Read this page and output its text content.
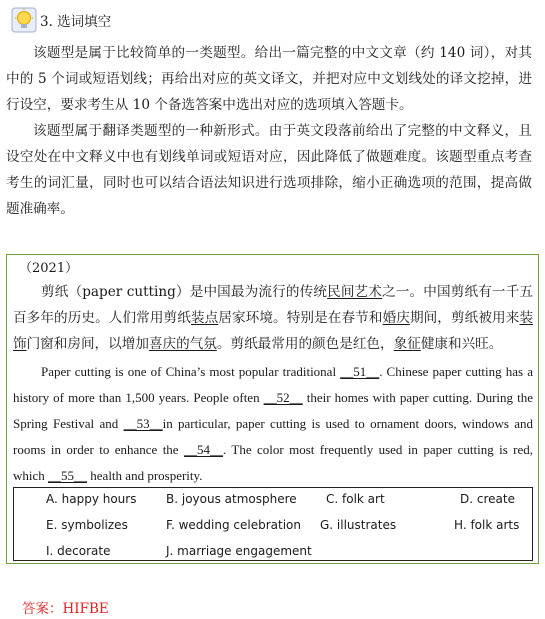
3. 选词填空
该题型是属于比较简单的一类题型。给出一篇完整的中文文章（约 140 词），对其中的 5 个词或短语划线；再给出对应的英文译文，并把对应中文划线处的译文挖掉，进行设空，要求考生从 10 个备选答案中选出对应的选项填入答题卡。
该题型属于翻译类题型的一种新形式。由于英文段落前给出了完整的中文释义，且设空处在中文释义中也有划线单词或短语对应，因此降低了做题难度。该题型重点考查考生的词汇量，同时也可以结合语法知识进行选项排除，缩小正确选项的范围，提高做题准确率。
（2021）
剪纸（paper cutting）是中国最为流行的传统民间艺术之一。中国剪纸有一千五百多年的历史。人们常用剪纸装点居家环境。特别是在春节和婚庆期间，剪纸被用来装饰门窗和房间，以增加喜庆的气氛。剪纸最常用的颜色是红色，象征健康和兴旺。
Paper cutting is one of China’s most popular traditional __51__. Chinese paper cutting has a history of more than 1,500 years. People often __52__ their homes with paper cutting. During the Spring Festival and __53__in particular, paper cutting is used to ornament doors, windows and rooms in order to enhance the __54__. The color most frequently used in paper cutting is red, which __55__ health and prosperity.
A. happy hours B. joyous atmosphere C. folk art	D. create
E. symbolizes	F. wedding celebration G. illustrates	H. folk arts
I. decorate	J. marriage engagement
答案：HIFBE
